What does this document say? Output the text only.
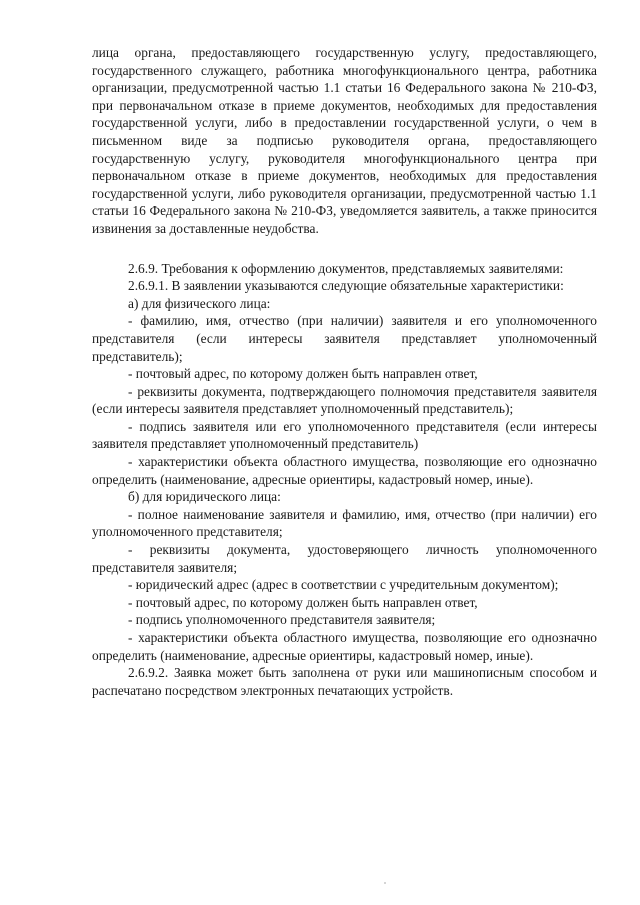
лица органа, предоставляющего государственную услугу, предоставляющего, государственного служащего, работника многофункционального центра, работника организации, предусмотренной частью 1.1 статьи 16 Федерального закона № 210-ФЗ, при первоначальном отказе в приеме документов, необходимых для предоставления государственной услуги, либо в предоставлении государственной услуги, о чем в письменном виде за подписью руководителя органа, предоставляющего государственную услугу, руководителя многофункционального центра при первоначальном отказе в приеме документов, необходимых для предоставления государственной услуги, либо руководителя организации, предусмотренной частью 1.1 статьи 16 Федерального закона № 210-ФЗ, уведомляется заявитель, а также приносится извинения за доставленные неудобства.

2.6.9. Требования к оформлению документов, представляемых заявителями:

2.6.9.1. В заявлении указываются следующие обязательные характеристики:

а) для физического лица:

- фамилию, имя, отчество (при наличии) заявителя и его уполномоченного представителя (если интересы заявителя представляет уполномоченный представитель);

- почтовый адрес, по которому должен быть направлен ответ,

- реквизиты документа, подтверждающего полномочия представителя заявителя (если интересы заявителя представляет уполномоченный представитель);

- подпись заявителя или его уполномоченного представителя (если интересы заявителя представляет уполномоченный представитель)

- характеристики объекта областного имущества, позволяющие его однозначно определить (наименование, адресные ориентиры, кадастровый номер, иные).

б) для юридического лица:

- полное наименование заявителя и фамилию, имя, отчество (при наличии) его уполномоченного представителя;

- реквизиты документа, удостоверяющего личность уполномоченного представителя заявителя;

- юридический адрес (адрес в соответствии с учредительным документом);

- почтовый адрес, по которому должен быть направлен ответ,

- подпись уполномоченного представителя заявителя;

- характеристики объекта областного имущества, позволяющие его однозначно определить (наименование, адресные ориентиры, кадастровый номер, иные).

2.6.9.2. Заявка может быть заполнена от руки или машинописным способом и распечатано посредством электронных печатающих устройств.
